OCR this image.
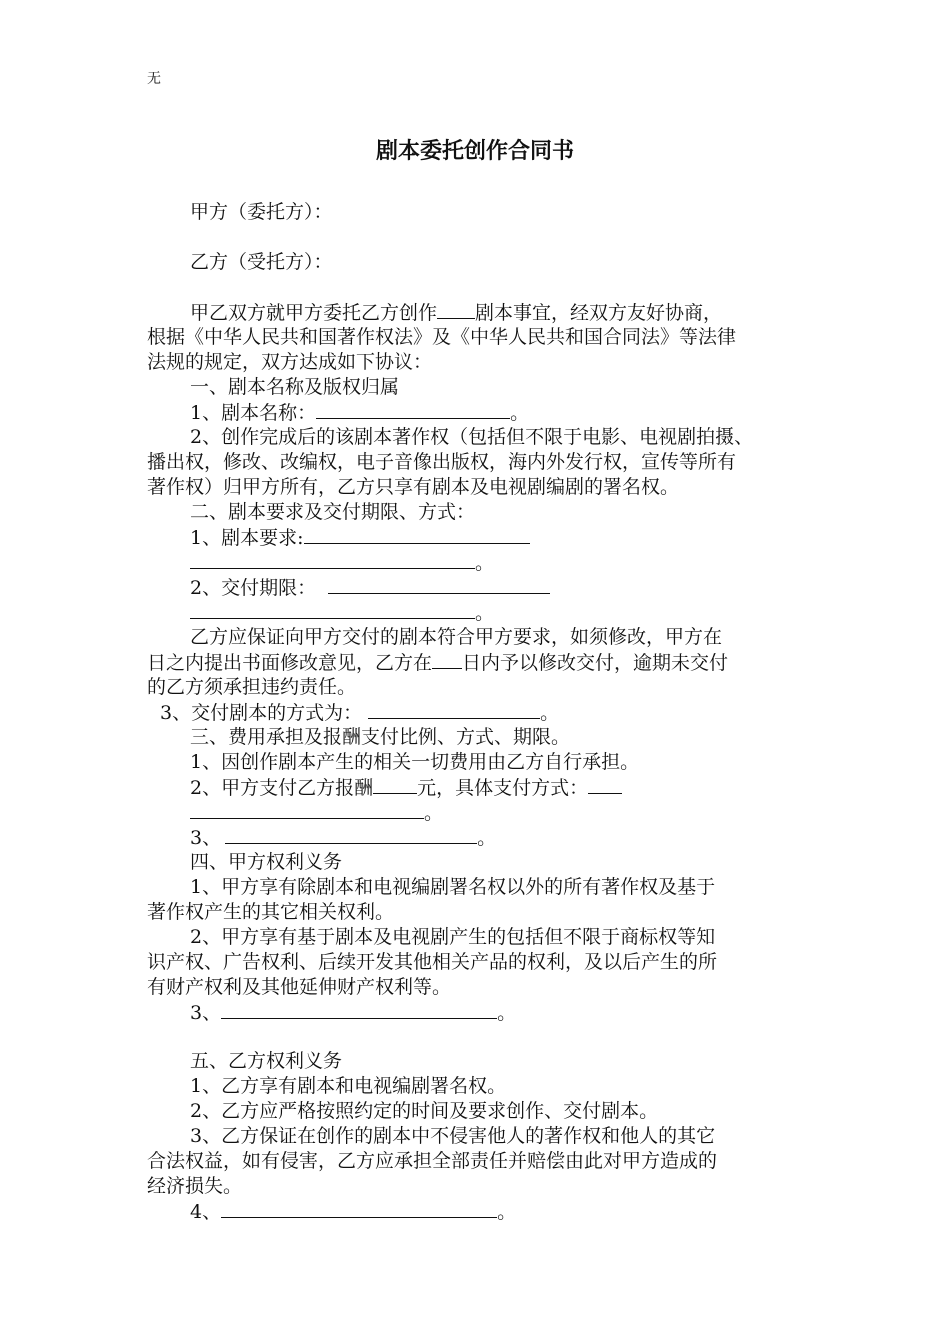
无
剧本委托创作合同书
甲方（委托方）：
乙方（受托方）：
甲乙双方就甲方委托乙方创作 剧本事宜，经双方友好协商，
根据《中华人民共和国著作权法》及《中华人民共和国合同法》等法律
法规的规定，双方达成如下协议：
一、剧本名称及版权归属
1、剧本名称：	。
2、创作完成后的该剧本著作权（包括但不限于电影、电视剧拍摄、
播出权，修改、改编权，电子音像出版权，海内外发行权，宣传等所有
著作权）归甲方所有，乙方只享有剧本及电视剧编剧的署名权。
二、剧本要求及交付期限、方式：
1、剧本要求:
。
2、交付期限：
。
乙方应保证向甲方交付的剧本符合甲方要求，如须修改，甲方在
日之内提出书面修改意见，乙方在 日内予以修改交付，逾期未交付
的乙方须承担违约责任。
3、交付剧本的方式为：	。
三、费用承担及报酬支付比例、方式、期限。
1、因创作剧本产生的相关一切费用由乙方自行承担。
2、甲方支付乙方报酬 元，具体支付方式：
。
3、	。
四、甲方权利义务
1、甲方享有除剧本和电视编剧署名权以外的所有著作权及基于
著作权产生的其它相关权利。
2、甲方享有基于剧本及电视剧产生的包括但不限于商标权等知
识产权、广告权利、后续开发其他相关产品的权利，及以后产生的所
有财产权利及其他延伸财产权利等。
3、	。
五、乙方权利义务
1、乙方享有剧本和电视编剧署名权。
2、乙方应严格按照约定的时间及要求创作、交付剧本。
3、乙方保证在创作的剧本中不侵害他人的著作权和他人的其它
合法权益，如有侵害，乙方应承担全部责任并赔偿由此对甲方造成的
经济损失。
4、	。
